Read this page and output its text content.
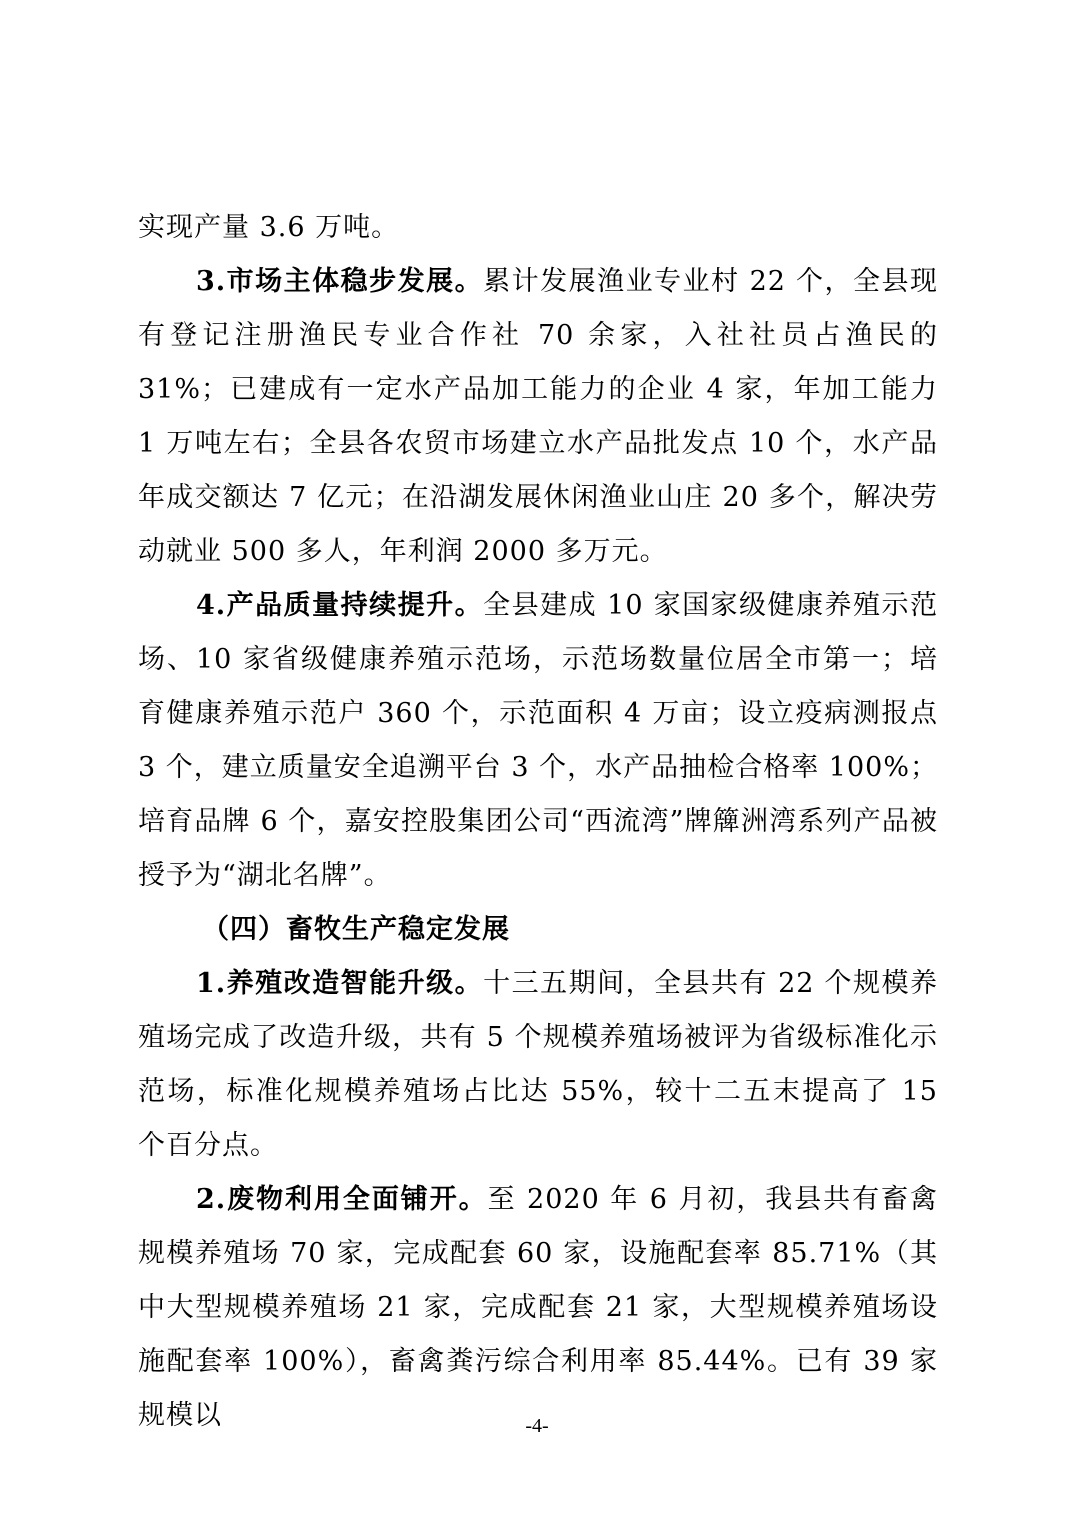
实现产量 3.6 万吨。

3.市场主体稳步发展。累计发展渔业专业村 22 个，全县现有登记注册渔民专业合作社 70 余家，入社社员占渔民的 31%；已建成有一定水产品加工能力的企业 4 家，年加工能力 1 万吨左右；全县各农贸市场建立水产品批发点 10 个，水产品年成交额达 7 亿元；在沿湖发展休闲渔业山庄 20 多个，解决劳动就业 500 多人，年利润 2000 多万元。

4.产品质量持续提升。全县建成 10 家国家级健康养殖示范场、10 家省级健康养殖示范场，示范场数量位居全市第一；培育健康养殖示范户 360 个，示范面积 4 万亩；设立疫病测报点 3 个，建立质量安全追溯平台 3 个，水产品抽检合格率 100%；培育品牌 6 个，嘉安控股集团公司“西流湾”牌簰洲湾系列产品被授予为“湖北名牌”。

（四）畜牧生产稳定发展

1.养殖改造智能升级。十三五期间，全县共有 22 个规模养殖场完成了改造升级，共有 5 个规模养殖场被评为省级标准化示范场，标准化规模养殖场占比达 55%，较十二五末提高了 15 个百分点。

2.废物利用全面铺开。至 2020 年 6 月初，我县共有畜禽规模养殖场 70 家，完成配套 60 家，设施配套率 85.71%（其中大型规模养殖场 21 家，完成配套 21 家，大型规模养殖场设施配套率 100%），畜禽粪污综合利用率 85.44%。已有 39 家规模以	-4-
